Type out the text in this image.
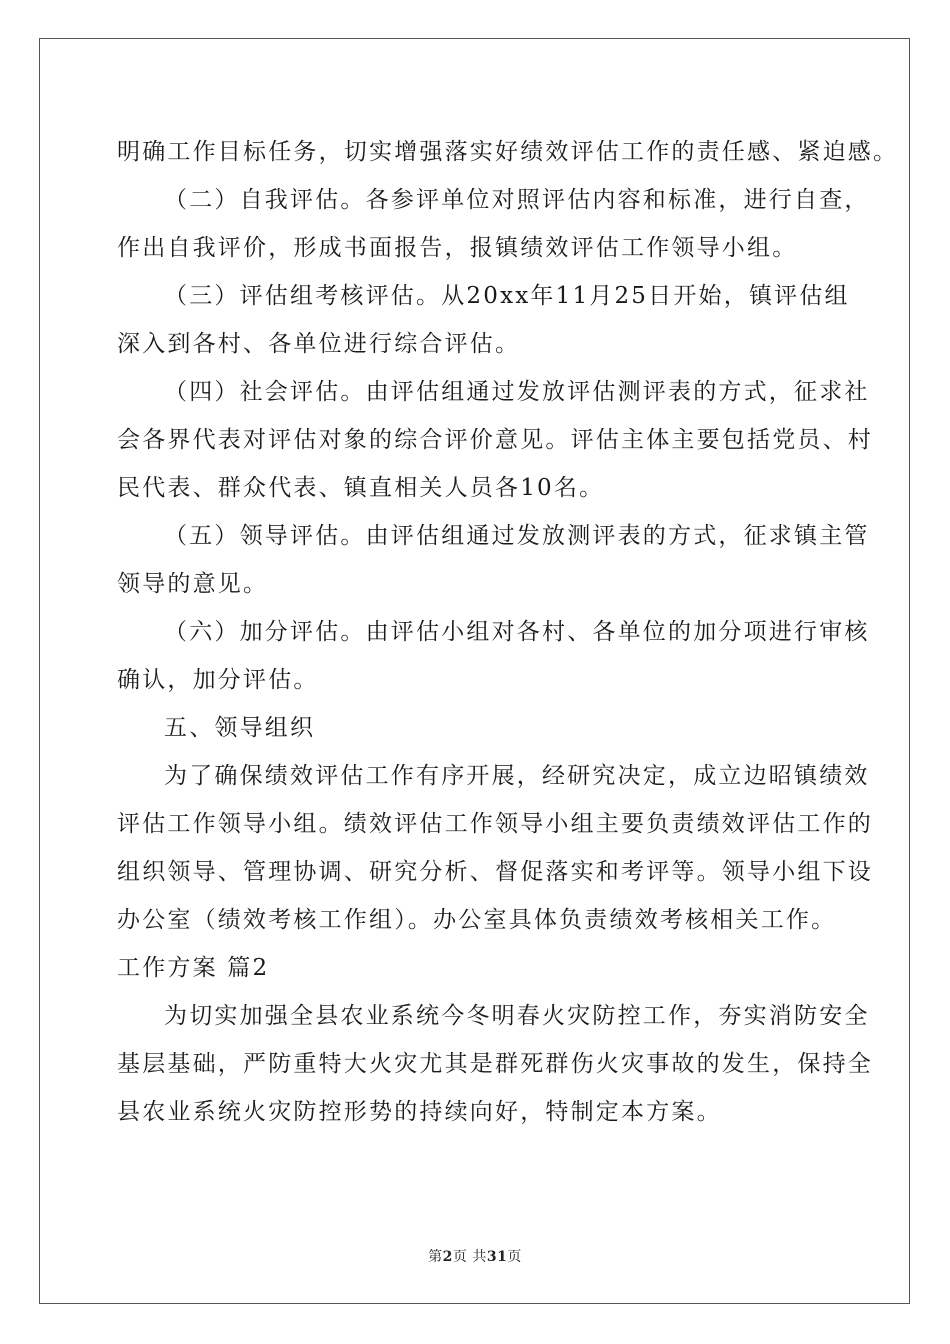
明确工作目标任务，切实增强落实好绩效评估工作的责任感、紧迫感。
（二）自我评估。各参评单位对照评估内容和标准，进行自查，
作出自我评价，形成书面报告，报镇绩效评估工作领导小组。
（三）评估组考核评估。从20xx年11月25日开始，镇评估组
深入到各村、各单位进行综合评估。
（四）社会评估。由评估组通过发放评估测评表的方式，征求社
会各界代表对评估对象的综合评价意见。评估主体主要包括党员、村
民代表、群众代表、镇直相关人员各10名。
（五）领导评估。由评估组通过发放测评表的方式，征求镇主管
领导的意见。
（六）加分评估。由评估小组对各村、各单位的加分项进行审核
确认，加分评估。
五、领导组织
为了确保绩效评估工作有序开展，经研究决定，成立边昭镇绩效
评估工作领导小组。绩效评估工作领导小组主要负责绩效评估工作的
组织领导、管理协调、研究分析、督促落实和考评等。领导小组下设
办公室（绩效考核工作组）。办公室具体负责绩效考核相关工作。
工作方案 篇2
为切实加强全县农业系统今冬明春火灾防控工作，夯实消防安全
基层基础，严防重特大火灾尤其是群死群伤火灾事故的发生，保持全
县农业系统火灾防控形势的持续向好，特制定本方案。
第2页 共31页
